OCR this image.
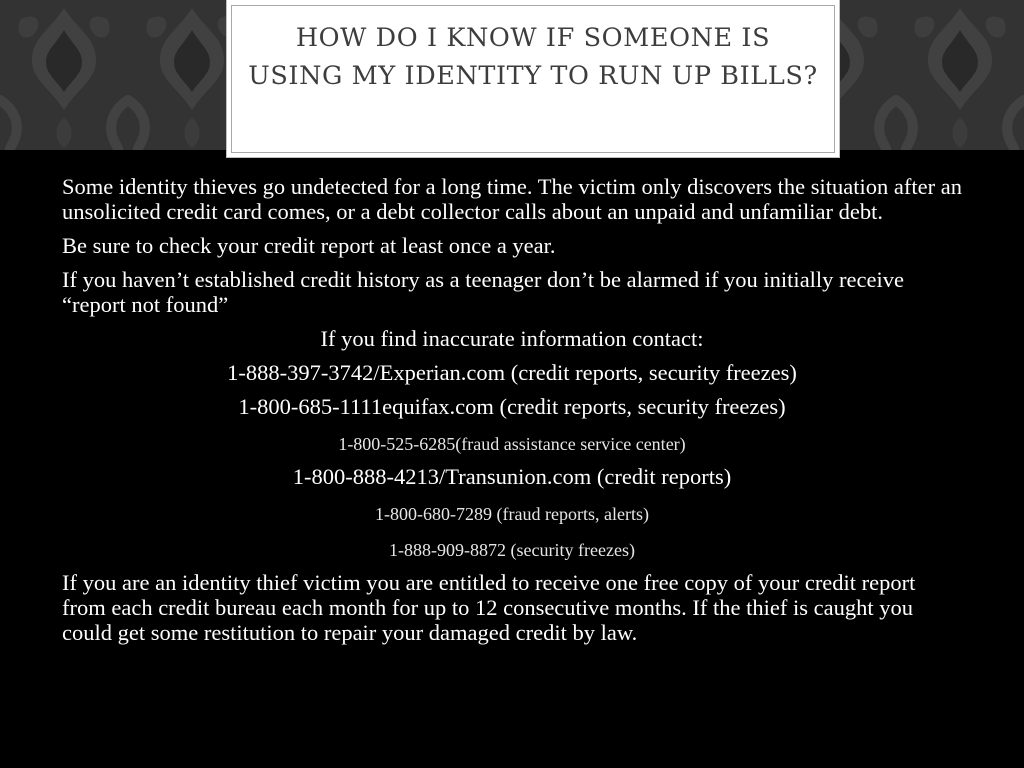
HOW DO I KNOW IF SOMEONE IS USING MY IDENTITY TO RUN UP BILLS?

Some identity thieves go undetected for a long time. The victim only discovers the situation after an unsolicited credit card comes, or a debt collector calls about an unpaid and unfamiliar debt.

Be sure to check your credit report at least once a year.

If you haven’t established credit history as a teenager don’t be alarmed if you initially receive “report not found”

If you find inaccurate information contact:

1-888-397-3742/Experian.com (credit reports, security freezes)

1-800-685-1111equifax.com (credit reports, security freezes)

1-800-525-6285(fraud assistance service center)

1-800-888-4213/Transunion.com (credit reports)

1-800-680-7289 (fraud reports, alerts)

1-888-909-8872 (security freezes)

If you are an identity thief victim you are entitled to receive one free copy of your credit report from each credit bureau each month for up to 12 consecutive months. If the thief is caught you could get some restitution to repair your damaged credit by law.
